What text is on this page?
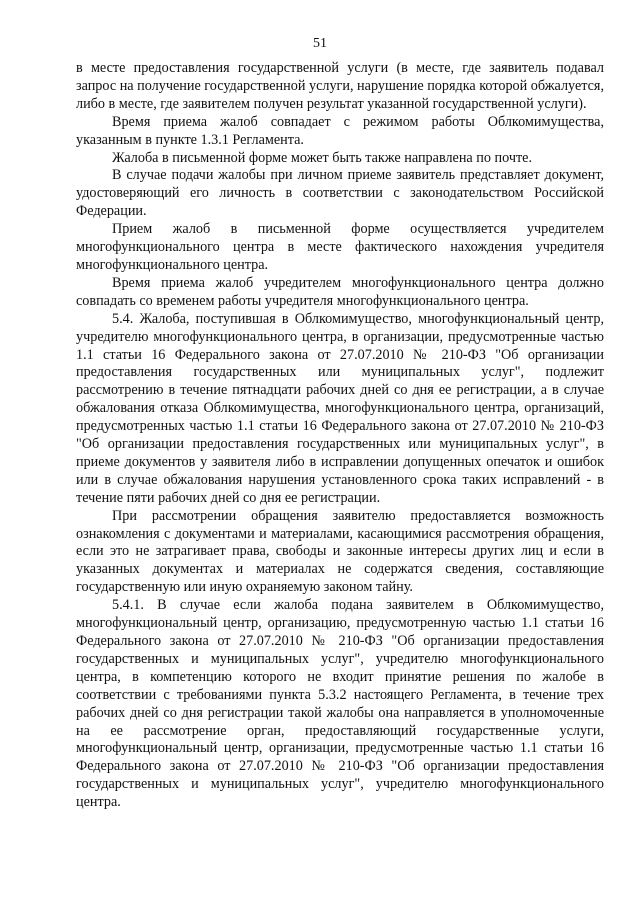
51

в месте предоставления государственной услуги (в месте, где заявитель подавал запрос на получение государственной услуги, нарушение порядка которой обжалуется, либо в месте, где заявителем получен результат указанной государственной услуги).

Время приема жалоб совпадает с режимом работы Облкомимущества, указанным в пункте 1.3.1 Регламента.

Жалоба в письменной форме может быть также направлена по почте.

В случае подачи жалобы при личном приеме заявитель представляет документ, удостоверяющий его личность в соответствии с законодательством Российской Федерации.

Прием жалоб в письменной форме осуществляется учредителем многофункционального центра в месте фактического нахождения учредителя многофункционального центра.

Время приема жалоб учредителем многофункционального центра должно совпадать со временем работы учредителя многофункционального центра.

5.4. Жалоба, поступившая в Облкомимущество, многофункциональный центр, учредителю многофункционального центра, в организации, предусмотренные частью 1.1 статьи 16 Федерального закона от 27.07.2010 № 210-ФЗ "Об организации предоставления государственных или муниципальных услуг", подлежит рассмотрению в течение пятнадцати рабочих дней со дня ее регистрации, а в случае обжалования отказа Облкомимущества, многофункционального центра, организаций, предусмотренных частью 1.1 статьи 16 Федерального закона от 27.07.2010 № 210-ФЗ "Об организации предоставления государственных или муниципальных услуг", в приеме документов у заявителя либо в исправлении допущенных опечаток и ошибок или в случае обжалования нарушения установленного срока таких исправлений - в течение пяти рабочих дней со дня ее регистрации.

При рассмотрении обращения заявителю предоставляется возможность ознакомления с документами и материалами, касающимися рассмотрения обращения, если это не затрагивает права, свободы и законные интересы других лиц и если в указанных документах и материалах не содержатся сведения, составляющие государственную или иную охраняемую законом тайну.

5.4.1. В случае если жалоба подана заявителем в Облкомимущество, многофункциональный центр, организацию, предусмотренную частью 1.1 статьи 16 Федерального закона от 27.07.2010 № 210-ФЗ "Об организации предоставления государственных и муниципальных услуг", учредителю многофункционального центра, в компетенцию которого не входит принятие решения по жалобе в соответствии с требованиями пункта 5.3.2 настоящего Регламента, в течение трех рабочих дней со дня регистрации такой жалобы она направляется в уполномоченные на ее рассмотрение орган, предоставляющий государственные услуги, многофункциональный центр, организации, предусмотренные частью 1.1 статьи 16 Федерального закона от 27.07.2010 № 210-ФЗ "Об организации предоставления государственных и муниципальных услуг", учредителю многофункционального центра.
